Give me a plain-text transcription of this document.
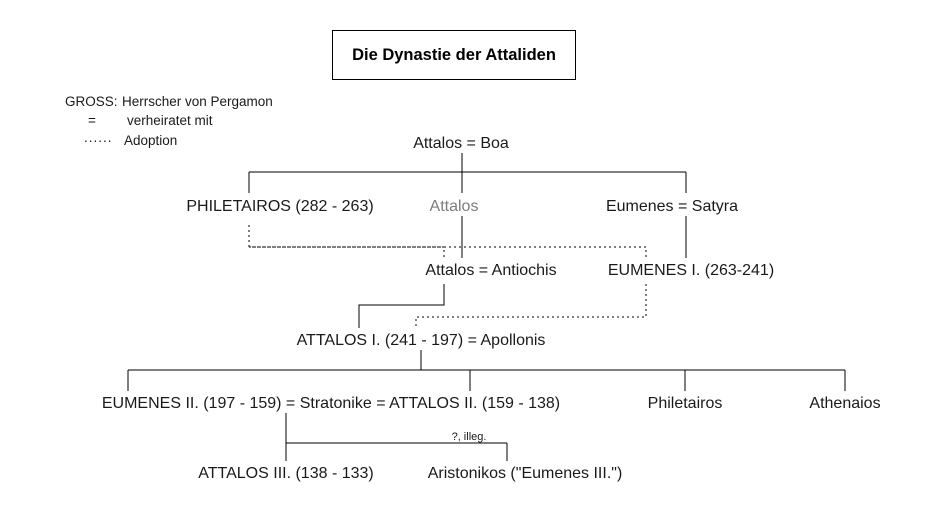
Die Dynastie der Attaliden
GROSS: Herrscher von Pergamon
= verheiratet mit
...... Adoption	Attalos = Boa
PHILETAIROS (282 - 263)	Attalos	Eumenes = Satyra
Attalos = Antiochis	EUMENES I. (263-241)
ATTALOS I. (241 - 197) = Apollonis
EUMENES II. (197 - 159) = Stratonike = ATTALOS II. (159 - 138)	Philetairos	Athenaios
ATTALOS III. (138 - 133)	Aristonikos ("Eumenes III.")
?, illeg.
